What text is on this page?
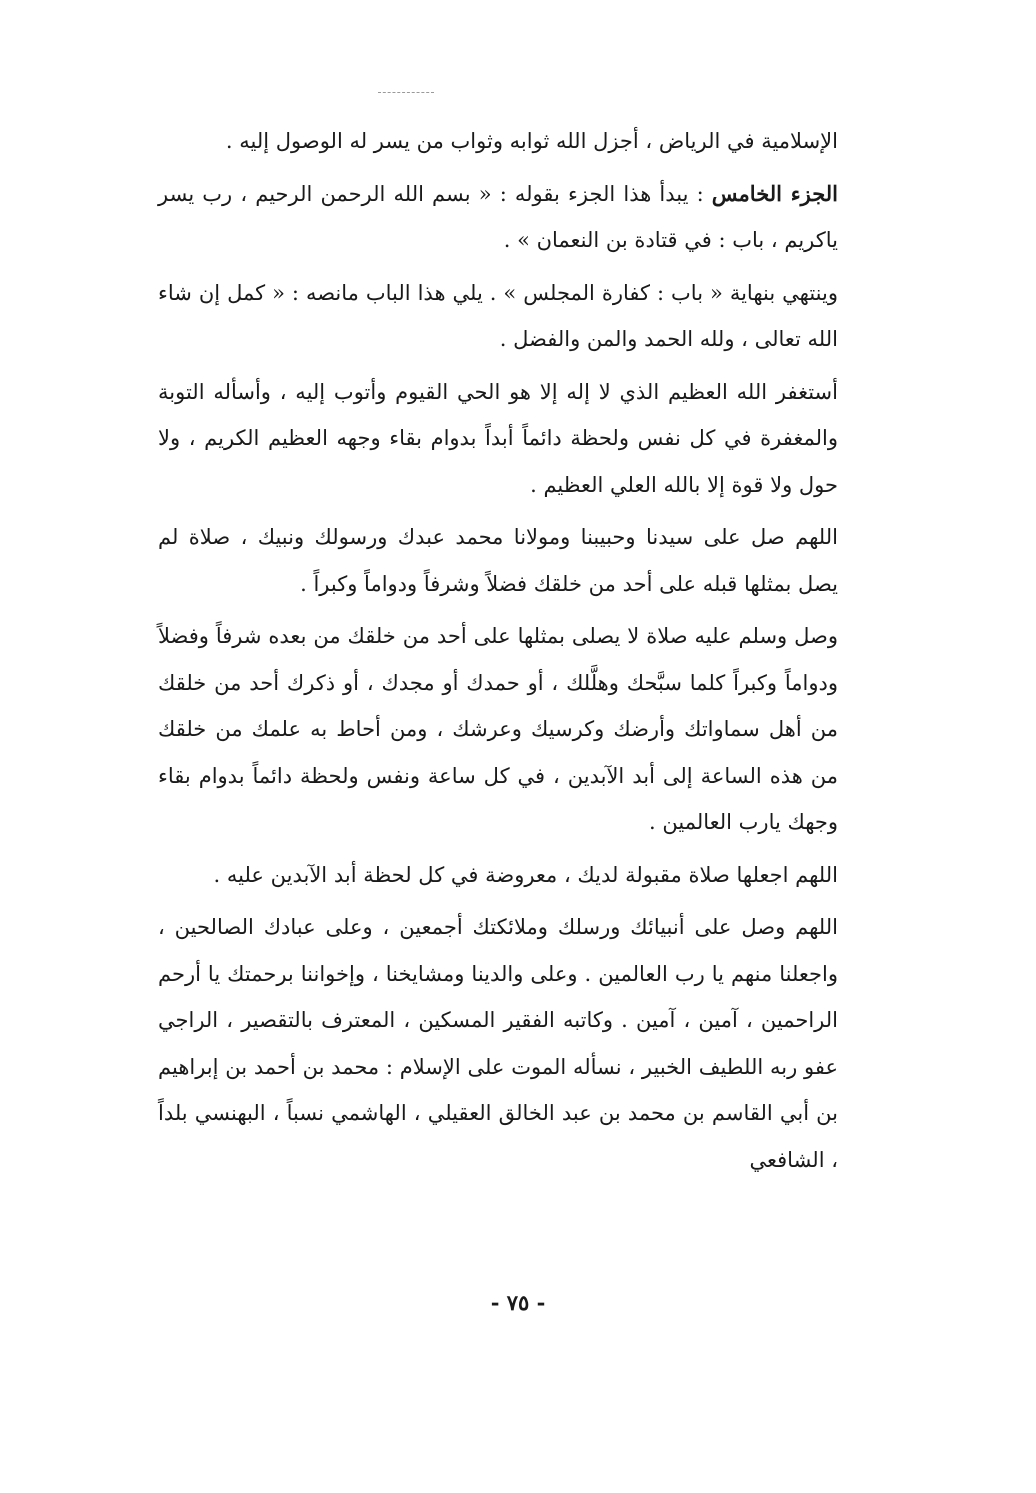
الإسلامية في الرياض ، أجزل الله ثوابه وثواب من يسر له الوصول إليه .

الجزء الخامس : يبدأ هذا الجزء بقوله : « بسم الله الرحمن الرحيم ، رب يسر ياكريم ، باب : في قتادة بن النعمان » .

وينتهي بنهاية « باب : كفارة المجلس » . يلي هذا الباب مانصه : « كمل إن شاء الله تعالى ، ولله الحمد والمن والفضل .

أستغفر الله العظيم الذي لا إله إلا هو الحي القيوم وأتوب إليه ، وأسأله التوبة والمغفرة في كل نفس ولحظة دائماً أبداً بدوام بقاء وجهه العظيم الكريم ، ولا حول ولا قوة إلا بالله العلي العظيم .

اللهم صل على سيدنا وحبيبنا ومولانا محمد عبدك ورسولك ونبيك ، صلاة لم يصل بمثلها قبله على أحد من خلقك فضلاً وشرفاً ودواماً وكبراً .

وصل وسلم عليه صلاة لا يصلى بمثلها على أحد من خلقك من بعده شرفاً وفضلاً ودواماً وكبراً كلما سبَّحك وهلَّلك ، أو حمدك أو مجدك ، أو ذكرك أحد من خلقك من أهل سماواتك وأرضك وكرسيك وعرشك ، ومن أحاط به علمك من خلقك من هذه الساعة إلى أبد الآبدين ، في كل ساعة ونفس ولحظة دائماً بدوام بقاء وجهك يارب العالمين .

اللهم اجعلها صلاة مقبولة لديك ، معروضة في كل لحظة أبد الآبدين عليه .

اللهم وصل على أنبيائك ورسلك وملائكتك أجمعين ، وعلى عبادك الصالحين ، واجعلنا منهم يا رب العالمين . وعلى والدينا ومشايخنا ، وإخواننا برحمتك يا أرحم الراحمين ، آمين ، آمين . وكاتبه الفقير المسكين ، المعترف بالتقصير ، الراجي عفو ربه اللطيف الخبير ، نسأله الموت على الإسلام : محمد بن أحمد بن إبراهيم بن أبي القاسم بن محمد بن عبد الخالق العقيلي ، الهاشمي نسباً ، البهنسي بلداً ، الشافعي

- ٧٥ -
